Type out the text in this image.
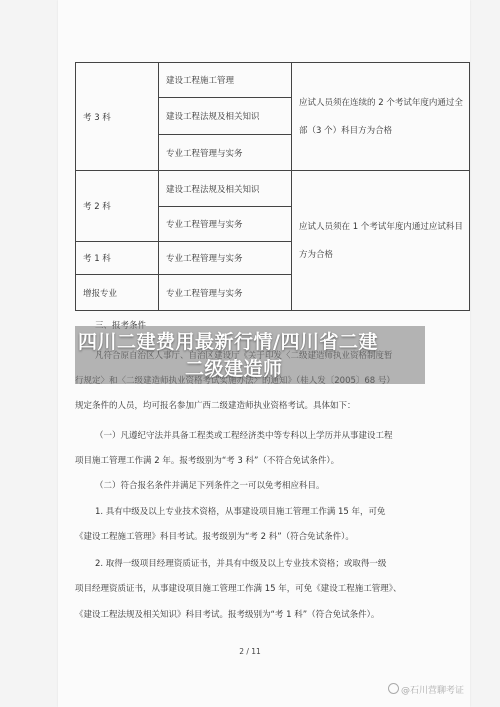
考 3 科	建设工程施工管理	应试人员须在连续的 2 个考试年度内通过全部（3 个）科目方为合格
	建设工程法规及相关知识	
	专业工程管理与实务	
考 2 科	建设工程法规及相关知识	应试人员须在 1 个考试年度内通过应试科目方为合格
	专业工程管理与实务	
考 1 科	专业工程管理与实务	
增报专业	专业工程管理与实务	
规定条件的人员，均可报名参加广西二级建造师执业资格考试。具体如下：
（一）凡遵纪守法并具备工程类或工程经济类中等专科以上学历并从事建设工程
项目施工管理工作满 2 年。报考级别为“考 3 科”（不符合免试条件）。
（二）符合报名条件并满足下列条件之一可以免考相应科目。
1. 具有中级及以上专业技术资格，从事建设项目施工管理工作满 15 年，可免
《建设工程施工管理》科目考试。报考级别为“考 2 科”（符合免试条件）。
2. 取得一级项目经理资质证书，并具有中级及以上专业技术资格；或取得一级
项目经理资质证书，从事建设项目施工管理工作满 15 年，可免《建设工程施工管理》、
《建设工程法规及相关知识》科目考试。报考级别为“考 1 科”（符合免试条件）。
四川二建费用最新行情/四川省二建
二级建造师
2 / 11
@石川营聊考证
